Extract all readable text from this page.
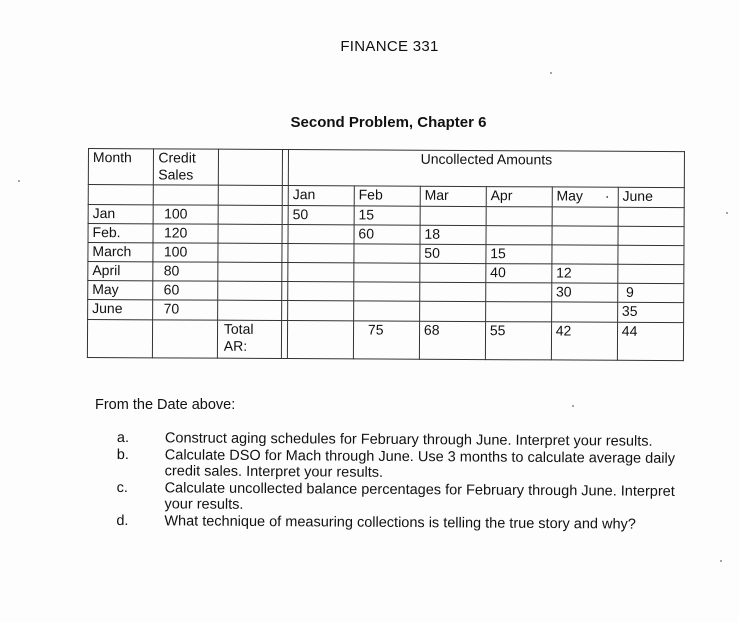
FINANCE 331
Second Problem, Chapter 6
Month	Credit Sales			Uncollected Amounts					
				Jan	Feb	Mar	Apr	May ·	June
Jan	100			50	15				
Feb.	120				60	18			
March	100					50	15		
April	80						40	12	
May	60							30	9
June	70								35
		Total AR:			75	68	55	42	44
From the Date above:
a.	Construct aging schedules for February through June. Interpret your results.
b.	Calculate DSO for Mach through June. Use 3 months to calculate average daily credit sales. Interpret your results.
c.	Calculate uncollected balance percentages for February through June. Interpret your results.
d.	What technique of measuring collections is telling the true story and why?
